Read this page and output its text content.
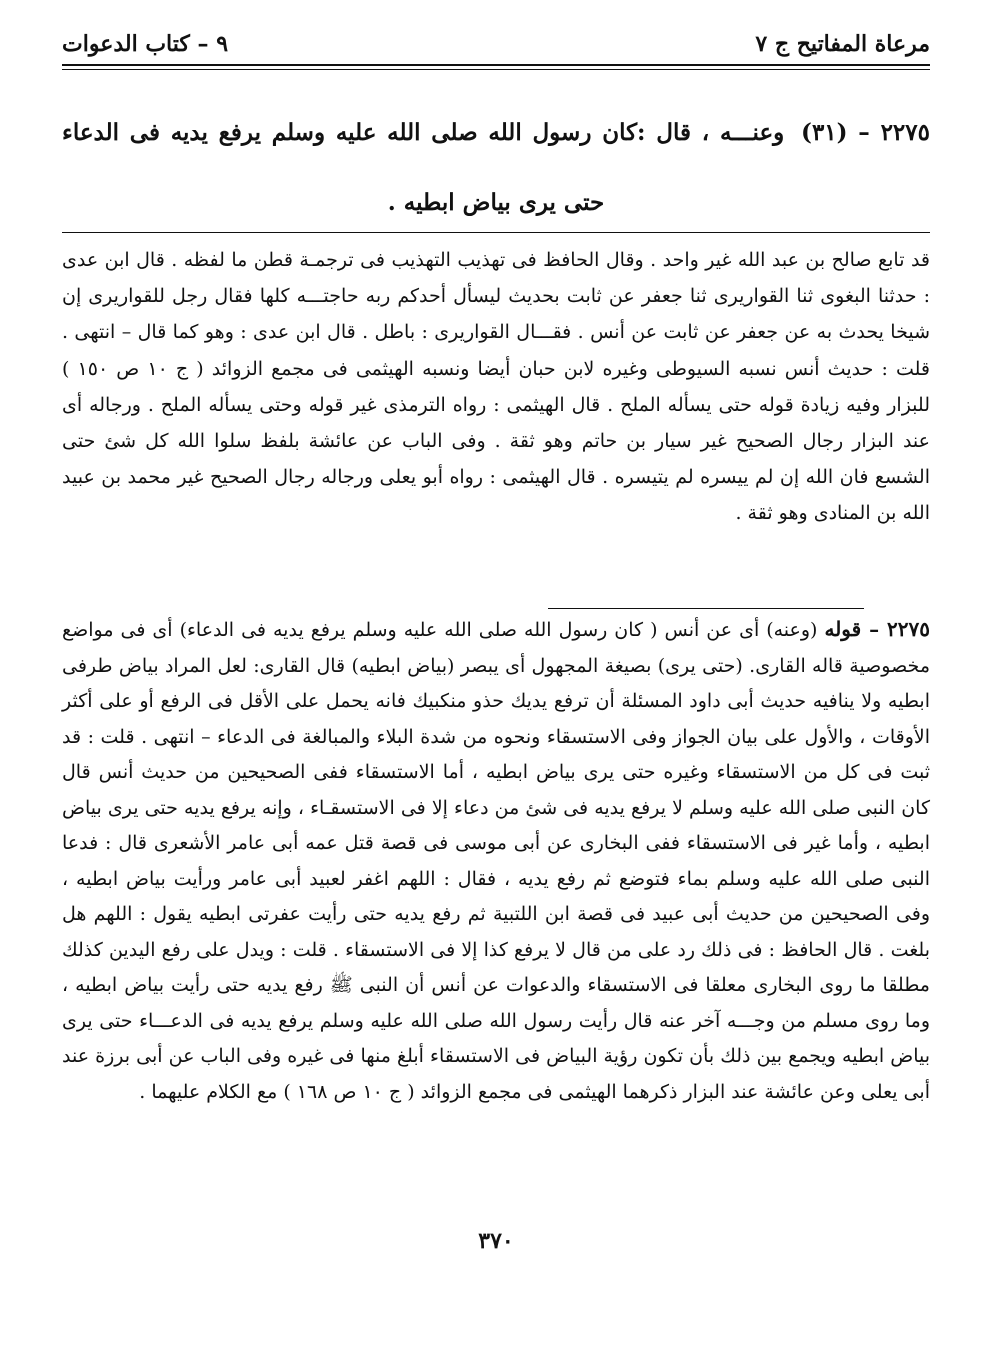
مرعاة المفاتيح ج ٧
٩ – كتاب الدعوات
٢٢٧٥ – (٣١) وعنـــه ، قال :كان رسول الله صلى الله عليه وسلم يرفع يديه فى الدعاء حتى يرى بياض ابطيه .

قد تابع صالح بن عبد الله غير واحد . وقال الحافظ فى تهذيب التهذيب فى ترجمـة قطن ما لفظه . قال ابن عدى : حدثنا البغوى ثنا القواريرى ثنا جعفر عن ثابت بحديث ليسأل أحدكم ربه حاجتـــه كلها فقال رجل للقواريرى إن شيخا يحدث به عن جعفر عن ثابت عن أنس . فقـــال القواريرى : باطل . قال ابن عدى : وهو كما قال – انتهى . قلت : حديث أنس نسبه السيوطى وغيره لابن حبان أيضا ونسبه الهيثمى فى مجمع الزوائد ( ج ١٠ ص ١٥٠ ) للبزار وفيه زيادة قوله حتى يسأله الملح . قال الهيثمى : رواه الترمذى غير قوله وحتى يسأله الملح . ورجاله أى عند البزار رجال الصحيح غير سيار بن حاتم وهو ثقة . وفى الباب عن عائشة بلفظ سلوا الله كل شئ حتى الشسع فان الله إن لم ييسره لم يتيسره . قال الهيثمى : رواه أبو يعلى ورجاله رجال الصحيح غير محمد بن عبيد الله بن المنادى وهو ثقة .

٢٢٧٥ – قوله (وعنه) أى عن أنس ( كان رسول الله صلى الله عليه وسلم يرفع يديه فى الدعاء) أى فى مواضع مخصوصية قاله القارى. (حتى يرى) بصيغة المجهول أى يبصر (بياض ابطيه) قال القارى: لعل المراد بياض طرفى ابطيه ولا ينافيه حديث أبى داود المسئلة أن ترفع يديك حذو منكبيك فانه يحمل على الأقل فى الرفع أو على أكثر الأوقات ، والأول على بيان الجواز وفى الاستسقاء ونحوه من شدة البلاء والمبالغة فى الدعاء – انتهى . قلت : قد ثبت فى كل من الاستسقاء وغيره حتى يرى بياض ابطيه ، أما الاستسقاء ففى الصحيحين من حديث أنس قال كان النبى صلى الله عليه وسلم لا يرفع يديه فى شئ من دعاء إلا فى الاستسقـاء ، وإنه يرفع يديه حتى يرى بياض ابطيه ، وأما غير فى الاستسقاء ففى البخارى عن أبى موسى فى قصة قتل عمه أبى عامر الأشعرى قال : فدعا النبى صلى الله عليه وسلم بماء فتوضع ثم رفع يديه ، فقال : اللهم اغفر لعبيد أبى عامر ورأيت بياض ابطيه ، وفى الصحيحين من حديث أبى عبيد فى قصة ابن اللتبية ثم رفع يديه حتى رأيت عفرتى ابطيه يقول : اللهم هل بلغت . قال الحافظ : فى ذلك رد على من قال لا يرفع كذا إلا فى الاستسقاء . قلت : ويدل على رفع اليدين كذلك مطلقا ما روى البخارى معلقا فى الاستسقاء والدعوات عن أنس أن النبى ﷺ رفع يديه حتى رأيت بياض ابطيه ، وما روى مسلم من وجـــه آخر عنه قال رأيت رسول الله صلى الله عليه وسلم يرفع يديه فى الدعـــاء حتى يرى بياض ابطيه ويجمع بين ذلك بأن تكون رؤية البياض فى الاستسقاء أبلغ منها فى غيره وفى الباب عن أبى برزة عند أبى يعلى وعن عائشة عند البزار ذكرهما الهيثمى فى مجمع الزوائد ( ج ١٠ ص ١٦٨ ) مع الكلام عليهما .

٣٧٠
